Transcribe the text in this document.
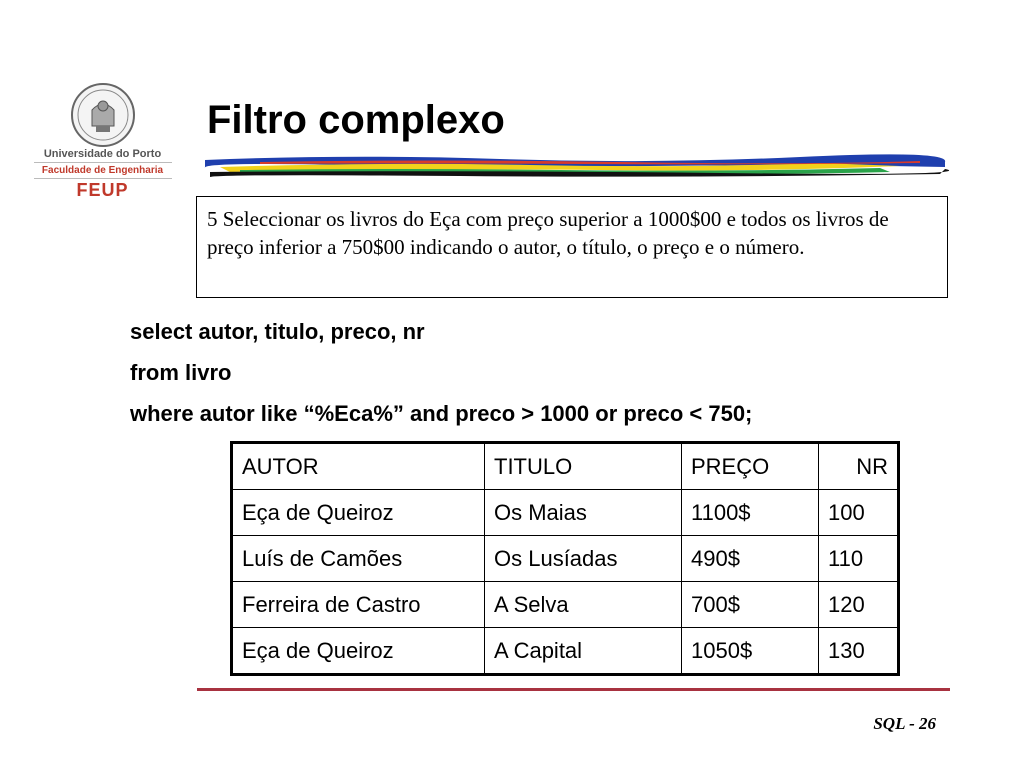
Universidade do Porto
Faculdade de Engenharia
FEUP
Filtro complexo
5 Seleccionar os livros do Eça com preço superior a 1000$00 e todos os livros de preço inferior a 750$00 indicando o autor, o título, o preço e o número.
select autor, titulo, preco, nr
from livro
where autor like “%Eca%” and preco > 1000 or preco < 750;
AUTOR	TITULO	PREÇO	NR
Eça de Queiroz	Os Maias	1100$	100
Luís de Camões	Os Lusíadas	490$	110
Ferreira de Castro	A Selva	700$	120
Eça de Queiroz	A Capital	1050$	130
SQL - 26
